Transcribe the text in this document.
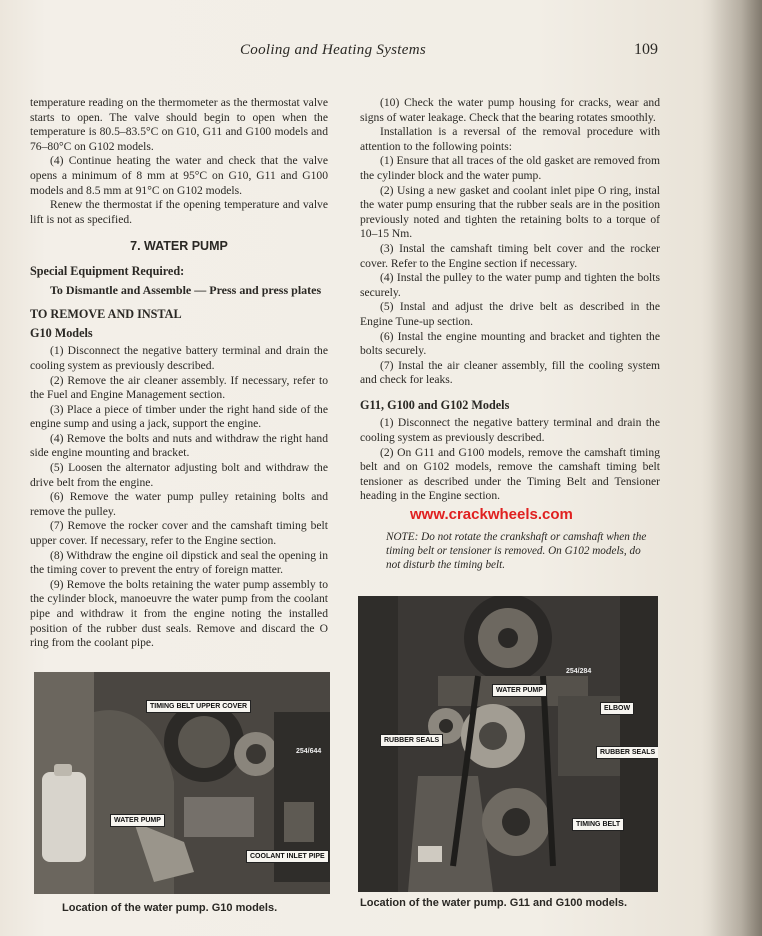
Cooling and Heating Systems	109

temperature reading on the thermometer as the thermostat valve starts to open. The valve should begin to open when the temperature is 80.5–83.5°C on G10, G11 and G100 models and 76–80°C on G102 models.

(4) Continue heating the water and check that the valve opens a minimum of 8 mm at 95°C on G10, G11 and G100 models and 8.5 mm at 91°C on G102 models.

Renew the thermostat if the opening temperature and valve lift is not as specified.

7. WATER PUMP

Special Equipment Required:

To Dismantle and Assemble — Press and press plates

TO REMOVE AND INSTAL

G10 Models

(1) Disconnect the negative battery terminal and drain the cooling system as previously described.

(2) Remove the air cleaner assembly. If necessary, refer to the Fuel and Engine Management section.

(3) Place a piece of timber under the right hand side of the engine sump and using a jack, support the engine.

(4) Remove the bolts and nuts and withdraw the right hand side engine mounting and bracket.

(5) Loosen the alternator adjusting bolt and withdraw the drive belt from the engine.

(6) Remove the water pump pulley retaining bolts and remove the pulley.

(7) Remove the rocker cover and the camshaft timing belt upper cover. If necessary, refer to the Engine section.

(8) Withdraw the engine oil dipstick and seal the opening in the timing cover to prevent the entry of foreign matter.

(9) Remove the bolts retaining the water pump assembly to the cylinder block, manoeuvre the water pump from the coolant pipe and withdraw it from the engine noting the installed position of the rubber dust seals. Remove and discard the O ring from the coolant pipe.

(10) Check the water pump housing for cracks, wear and signs of water leakage. Check that the bearing rotates smoothly.

Installation is a reversal of the removal procedure with attention to the following points:

(1) Ensure that all traces of the old gasket are removed from the cylinder block and the water pump.

(2) Using a new gasket and coolant inlet pipe O ring, instal the water pump ensuring that the rubber seals are in the position previously noted and tighten the retaining bolts to a torque of 10–15 Nm.

(3) Instal the camshaft timing belt cover and the rocker cover. Refer to the Engine section if necessary.

(4) Instal the pulley to the water pump and tighten the bolts securely.

(5) Instal and adjust the drive belt as described in the Engine Tune-up section.

(6) Instal the engine mounting and bracket and tighten the bolts securely.

(7) Instal the air cleaner assembly, fill the cooling system and check for leaks.

G11, G100 and G102 Models

(1) Disconnect the negative battery terminal and drain the cooling system as previously described.

(2) On G11 and G100 models, remove the camshaft timing belt and on G102 models, remove the camshaft timing belt tensioner as described under the Timing Belt and Tensioner heading in the Engine section.

www.crackwheels.com
NOTE: Do not rotate the crankshaft or camshaft when the timing belt or tensioner is removed. On G102 models, do not disturb the timing belt.
TIMING BELT UPPER COVER
WATER PUMP
COOLANT INLET PIPE
254/644
Location of the water pump. G10 models.
WATER PUMP
ELBOW
RUBBER SEALS
RUBBER SEALS
TIMING BELT
254/284
Location of the water pump. G11 and G100 models.
